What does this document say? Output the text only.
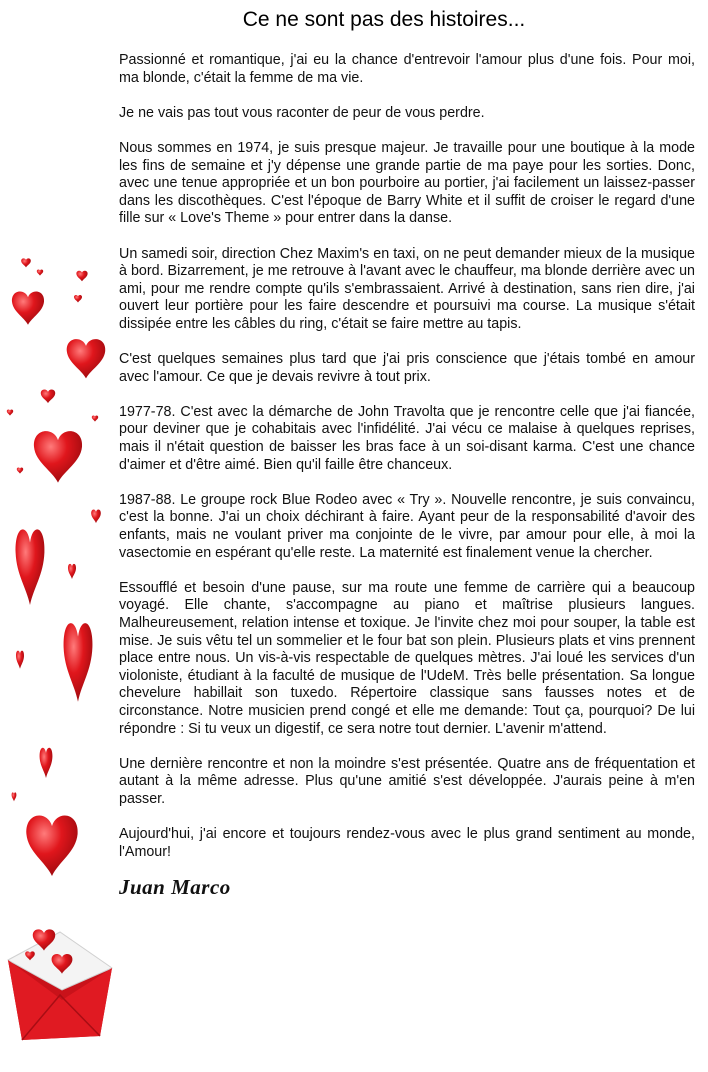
Ce ne sont pas des histoires...

Passionné et romantique, j'ai eu la chance d'entrevoir l'amour plus d'une fois. Pour moi, ma blonde, c'était la femme de ma vie.

Je ne vais pas tout vous raconter de peur de vous perdre.

Nous sommes en 1974, je suis presque majeur. Je travaille pour une boutique à la mode les fins de semaine et j'y dépense une grande partie de ma paye pour les sorties. Donc, avec une tenue appropriée et un bon pourboire au portier, j'ai facilement un laissez-passer dans les discothèques. C'est l'époque de Barry White et il suffit de croiser le regard d'une fille sur « Love's Theme » pour entrer dans la danse.

Un samedi soir, direction Chez Maxim's en taxi, on ne peut demander mieux de la musique à bord. Bizarrement, je me retrouve à l'avant avec le chauffeur, ma blonde derrière avec un ami, pour me rendre compte qu'ils s'embrassaient. Arrivé à destination, sans rien dire, j'ai ouvert leur portière pour les faire descendre et poursuivi ma course. La musique s'était dissipée entre les câbles du ring, c'était se faire mettre au tapis.

C'est quelques semaines plus tard que j'ai pris conscience que j'étais tombé en amour avec l'amour. Ce que je devais revivre à tout prix.

1977-78. C'est avec la démarche de John Travolta que je rencontre celle que j'ai fiancée, pour deviner que je cohabitais avec l'infidélité. J'ai vécu ce malaise à quelques reprises, mais il n'était question de baisser les bras face à un soi-disant karma. C'est une chance d'aimer et d'être aimé. Bien qu'il faille être chanceux.

1987-88. Le groupe rock Blue Rodeo avec « Try ». Nouvelle rencontre, je suis convaincu, c'est la bonne. J'ai un choix déchirant à faire. Ayant peur de la responsabilité d'avoir des enfants, mais ne voulant priver ma conjointe de le vivre, par amour pour elle, à moi la vasectomie en espérant qu'elle reste. La maternité est finalement venue la chercher.

Essoufflé et besoin d'une pause, sur ma route une femme de carrière qui a beaucoup voyagé. Elle chante, s'accompagne au piano et maîtrise plusieurs langues. Malheureusement, relation intense et toxique. Je l'invite chez moi pour souper, la table est mise. Je suis vêtu tel un sommelier et le four bat son plein. Plusieurs plats et vins prennent place entre nous. Un vis-à-vis respectable de quelques mètres. J'ai loué les services d'un violoniste, étudiant à la faculté de musique de l'UdeM. Très belle présentation. Sa longue chevelure habillait son tuxedo. Répertoire classique sans fausses notes et de circonstance. Notre musicien prend congé et elle me demande: Tout ça, pourquoi? De lui répondre : Si tu veux un digestif, ce sera notre tout dernier. L'avenir m'attend.

Une dernière rencontre et non la moindre s'est présentée. Quatre ans de fréquentation et autant à la même adresse. Plus qu'une amitié s'est développée. J'aurais peine à m'en passer.

Aujourd'hui, j'ai encore et toujours rendez-vous avec le plus grand sentiment au monde, l'Amour!

Juan Marco
